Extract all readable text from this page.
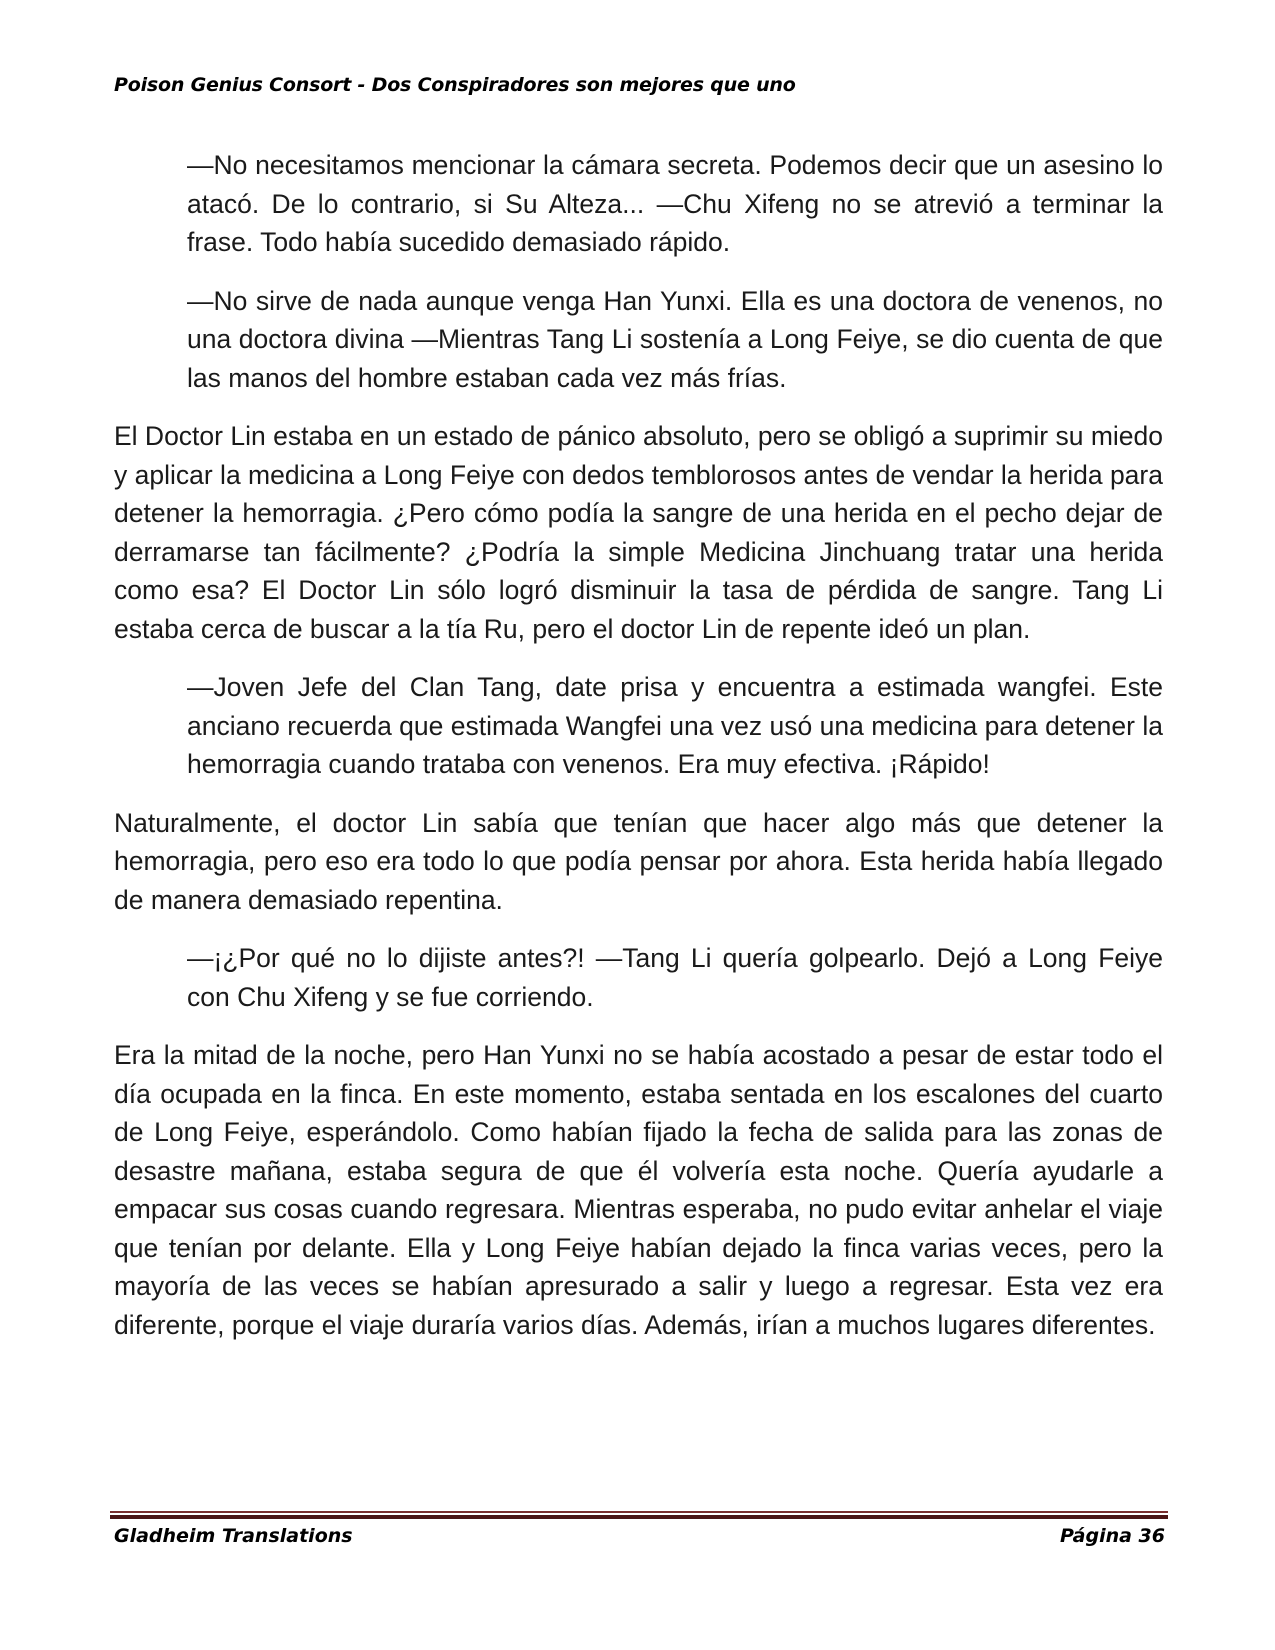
Poison Genius Consort - Dos Conspiradores son mejores que uno

—No necesitamos mencionar la cámara secreta. Podemos decir que un asesino lo atacó. De lo contrario, si Su Alteza... —Chu Xifeng no se atrevió a terminar la frase. Todo había sucedido demasiado rápido.

—No sirve de nada aunque venga Han Yunxi. Ella es una doctora de venenos, no una doctora divina —Mientras Tang Li sostenía a Long Feiye, se dio cuenta de que las manos del hombre estaban cada vez más frías.

El Doctor Lin estaba en un estado de pánico absoluto, pero se obligó a suprimir su miedo y aplicar la medicina a Long Feiye con dedos temblorosos antes de vendar la herida para detener la hemorragia. ¿Pero cómo podía la sangre de una herida en el pecho dejar de derramarse tan fácilmente? ¿Podría la simple Medicina Jinchuang tratar una herida como esa? El Doctor Lin sólo logró disminuir la tasa de pérdida de sangre. Tang Li estaba cerca de buscar a la tía Ru, pero el doctor Lin de repente ideó un plan.

—Joven Jefe del Clan Tang, date prisa y encuentra a estimada wangfei. Este anciano recuerda que estimada Wangfei una vez usó una medicina para detener la hemorragia cuando trataba con venenos. Era muy efectiva. ¡Rápido!

Naturalmente, el doctor Lin sabía que tenían que hacer algo más que detener la hemorragia, pero eso era todo lo que podía pensar por ahora. Esta herida había llegado de manera demasiado repentina.

—¡¿Por qué no lo dijiste antes?! —Tang Li quería golpearlo. Dejó a Long Feiye con Chu Xifeng y se fue corriendo.

Era la mitad de la noche, pero Han Yunxi no se había acostado a pesar de estar todo el día ocupada en la finca. En este momento, estaba sentada en los escalones del cuarto de Long Feiye, esperándolo. Como habían fijado la fecha de salida para las zonas de desastre mañana, estaba segura de que él volvería esta noche. Quería ayudarle a empacar sus cosas cuando regresara. Mientras esperaba, no pudo evitar anhelar el viaje que tenían por delante. Ella y Long Feiye habían dejado la finca varias veces, pero la mayoría de las veces se habían apresurado a salir y luego a regresar. Esta vez era diferente, porque el viaje duraría varios días. Además, irían a muchos lugares diferentes.

Gladheim Translations	Página 36
